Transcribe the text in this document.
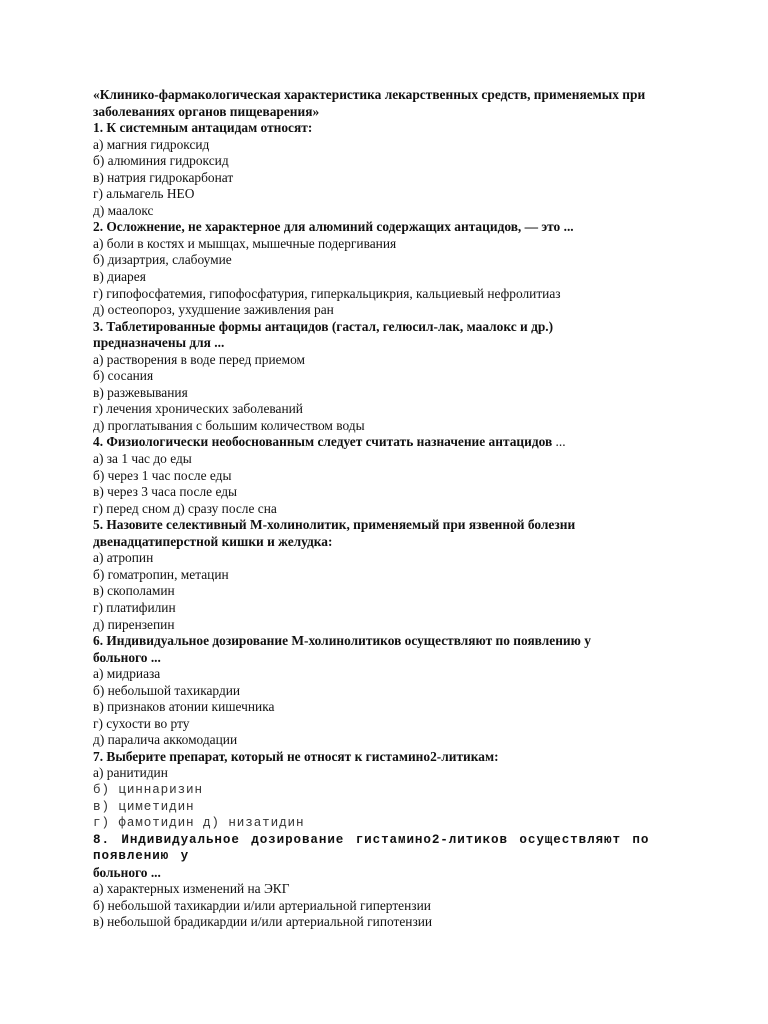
«Клинико-фармакологическая характеристика лекарственных средств, применяемых при заболеваниях органов пищеварения»
1. К системным антацидам относят:
а) магния гидроксид
б) алюминия гидроксид
в) натрия гидрокарбонат
г) альмагель НЕО
д) маалокс
2. Осложнение, не характерное для алюминий содержащих антацидов, — это ...
а) боли в костях и мышцах, мышечные подергивания
б) дизартрия, слабоумие
в) диарея
г) гипофосфатемия, гипофосфатурия, гиперкальцикрия, кальциевый нефролитиаз
д) остеопороз, ухудшение заживления ран
3. Таблетированные формы антацидов (гастал, гелюсил-лак, маалокс и др.)
предназначены для ...
а) растворения в воде перед приемом
б) сосания
в) разжевывания
г) лечения хронических заболеваний
д) проглатывания с большим количеством воды
4. Физиологически необоснованным следует считать назначение антацидов ...
а) за 1 час до еды
б) через 1 час после еды
в) через 3 часа после еды
г) перед сном д) сразу после сна
5. Назовите селективный М-холинолитик, применяемый при язвенной болезни
двенадцатиперстной кишки и желудка:
а) атропин
б) гоматропин, метацин
в) скополамин
г) платифилин
д) пирензепин
6. Индивидуальное дозирование М-холинолитиков осуществляют по появлению у
больного ...
а) мидриаза
б) небольшой тахикардии
в) признаков атонии кишечника
г) сухости во рту
д) паралича аккомодации
7. Выберите препарат, который не относят к гистамино2-литикам:
а) ранитидин
б) циннаризин
в) циметидин
г) фамотидин д) низатидин
8. Индивидуальное дозирование гистамино2-литиков осуществляют по появлению у
больного ...
а) характерных изменений на ЭКГ
б) небольшой тахикардии и/или артериальной гипертензии
в) небольшой брадикардии и/или артериальной гипотензии
